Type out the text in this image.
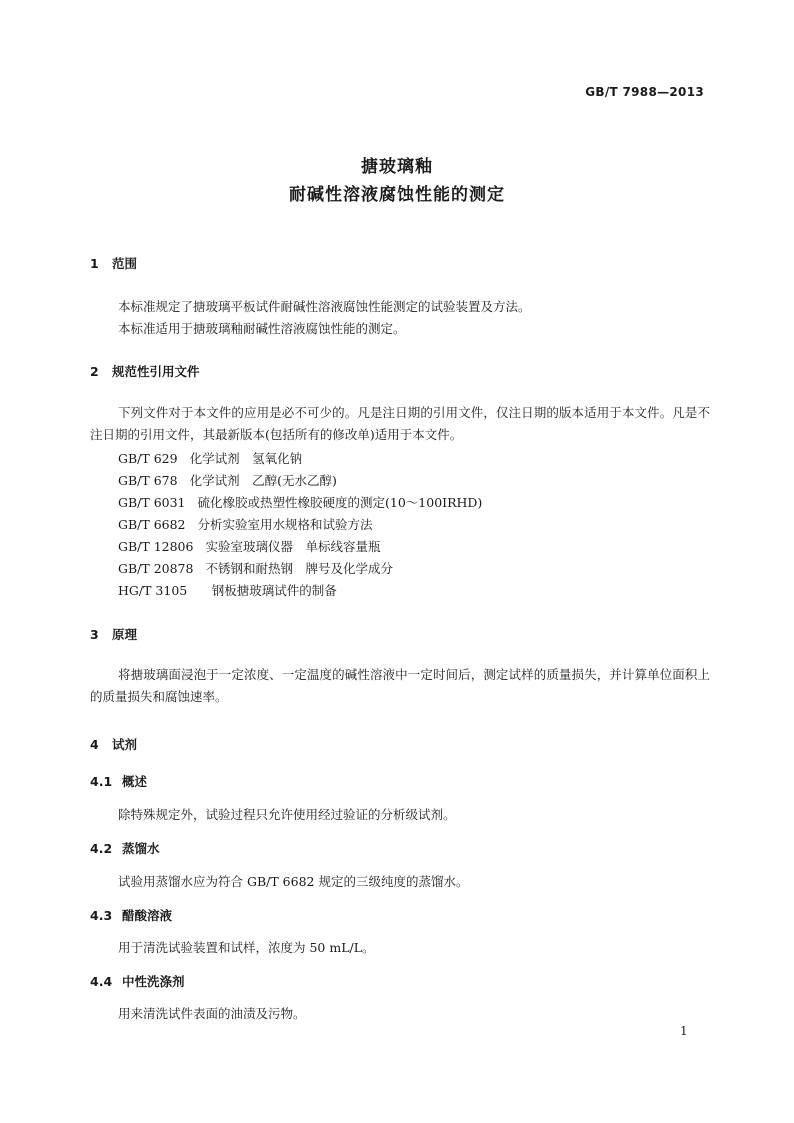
GB/T 7988—2013
搪玻璃釉
耐碱性溶液腐蚀性能的测定
1 范围
本标准规定了搪玻璃平板试件耐碱性溶液腐蚀性能测定的试验装置及方法。
本标准适用于搪玻璃釉耐碱性溶液腐蚀性能的测定。
2 规范性引用文件
下列文件对于本文件的应用是必不可少的。凡是注日期的引用文件，仅注日期的版本适用于本文件。凡是不注日期的引用文件，其最新版本(包括所有的修改单)适用于本文件。
GB/T 629 化学试剂　氢氧化钠
GB/T 678 化学试剂　乙醇(无水乙醇)
GB/T 6031 硫化橡胶或热塑性橡胶硬度的测定(10～100IRHD)
GB/T 6682 分析实验室用水规格和试验方法
GB/T 12806 实验室玻璃仪器　单标线容量瓶
GB/T 20878 不锈钢和耐热钢　牌号及化学成分
HG/T 3105　钢板搪玻璃试件的制备
3 原理
将搪玻璃面浸泡于一定浓度、一定温度的碱性溶液中一定时间后，测定试样的质量损失，并计算单位面积上的质量损失和腐蚀速率。
4 试剂
4.1 概述
除特殊规定外，试验过程只允许使用经过验证的分析级试剂。
4.2 蒸馏水
试验用蒸馏水应为符合 GB/T 6682 规定的三级纯度的蒸馏水。
4.3 醋酸溶液
用于清洗试验装置和试样，浓度为 50 mL/L。
4.4 中性洗涤剂
用来清洗试件表面的油渍及污物。
1
